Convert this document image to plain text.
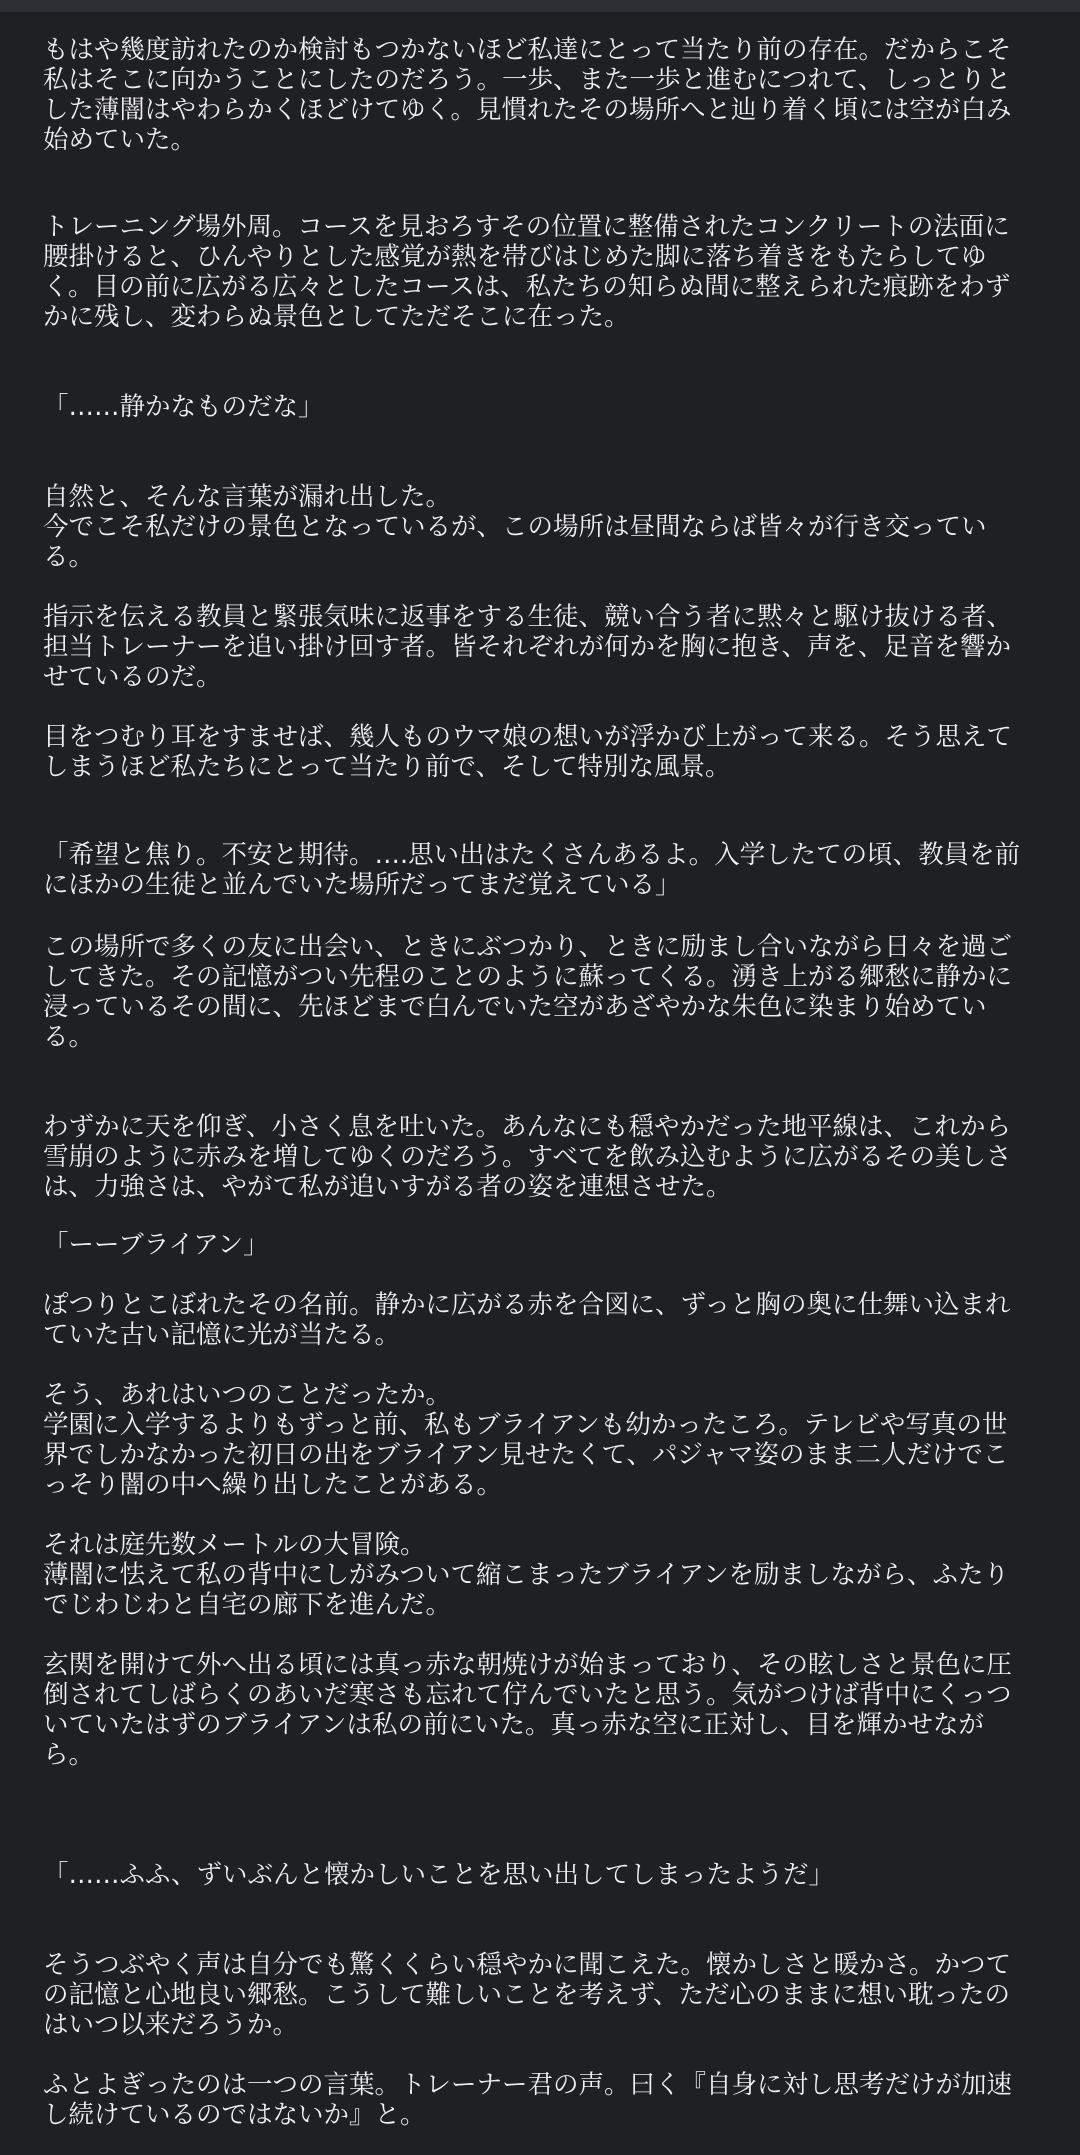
もはや幾度訪れたのか検討もつかないほど私達にとって当たり前の存在。だからこそ
私はそこに向かうことにしたのだろう。一歩、また一歩と進むにつれて、しっとりと
した薄闇はやわらかくほどけてゆく。見慣れたその場所へと辿り着く頃には空が白み
始めていた。

トレーニング場外周。コースを見おろすその位置に整備されたコンクリートの法面に
腰掛けると、ひんやりとした感覚が熱を帯びはじめた脚に落ち着きをもたらしてゆ
く。目の前に広がる広々としたコースは、私たちの知らぬ間に整えられた痕跡をわず
かに残し、変わらぬ景色としてただそこに在った。

「……静かなものだな」

自然と、そんな言葉が漏れ出した。
今でこそ私だけの景色となっているが、この場所は昼間ならば皆々が行き交ってい
る。

指示を伝える教員と緊張気味に返事をする生徒、競い合う者に黙々と駆け抜ける者、
担当トレーナーを追い掛け回す者。皆それぞれが何かを胸に抱き、声を、足音を響か
せているのだ。

目をつむり耳をすませば、幾人ものウマ娘の想いが浮かび上がって来る。そう思えて
しまうほど私たちにとって当たり前で、そして特別な風景。

「希望と焦り。不安と期待。….思い出はたくさんあるよ。入学したての頃、教員を前
にほかの生徒と並んでいた場所だってまだ覚えている」

この場所で多くの友に出会い、ときにぶつかり、ときに励まし合いながら日々を過ご
してきた。その記憶がつい先程のことのように蘇ってくる。湧き上がる郷愁に静かに
浸っているその間に、先ほどまで白んでいた空があざやかな朱色に染まり始めてい
る。

わずかに天を仰ぎ、小さく息を吐いた。あんなにも穏やかだった地平線は、これから
雪崩のように赤みを増してゆくのだろう。すべてを飲み込むように広がるその美しさ
は、力強さは、やがて私が追いすがる者の姿を連想させた。

「ーーブライアン」

ぽつりとこぼれたその名前。静かに広がる赤を合図に、ずっと胸の奥に仕舞い込まれ
ていた古い記憶に光が当たる。

そう、あれはいつのことだったか。
学園に入学するよりもずっと前、私もブライアンも幼かったころ。テレビや写真の世
界でしかなかった初日の出をブライアン見せたくて、パジャマ姿のまま二人だけでこ
っそり闇の中へ繰り出したことがある。

それは庭先数メートルの大冒険。
薄闇に怯えて私の背中にしがみついて縮こまったブライアンを励ましながら、ふたり
でじわじわと自宅の廊下を進んだ。

玄関を開けて外へ出る頃には真っ赤な朝焼けが始まっており、その眩しさと景色に圧
倒されてしばらくのあいだ寒さも忘れて佇んでいたと思う。気がつけば背中にくっつ
いていたはずのブライアンは私の前にいた。真っ赤な空に正対し、目を輝かせなが
ら。

「……ふふ、ずいぶんと懐かしいことを思い出してしまったようだ」

そうつぶやく声は自分でも驚くくらい穏やかに聞こえた。懐かしさと暖かさ。かつて
の記憶と心地良い郷愁。こうして難しいことを考えず、ただ心のままに想い耽ったの
はいつ以来だろうか。

ふとよぎったのは一つの言葉。トレーナー君の声。曰く『自身に対し思考だけが加速
し続けているのではないか』と。
